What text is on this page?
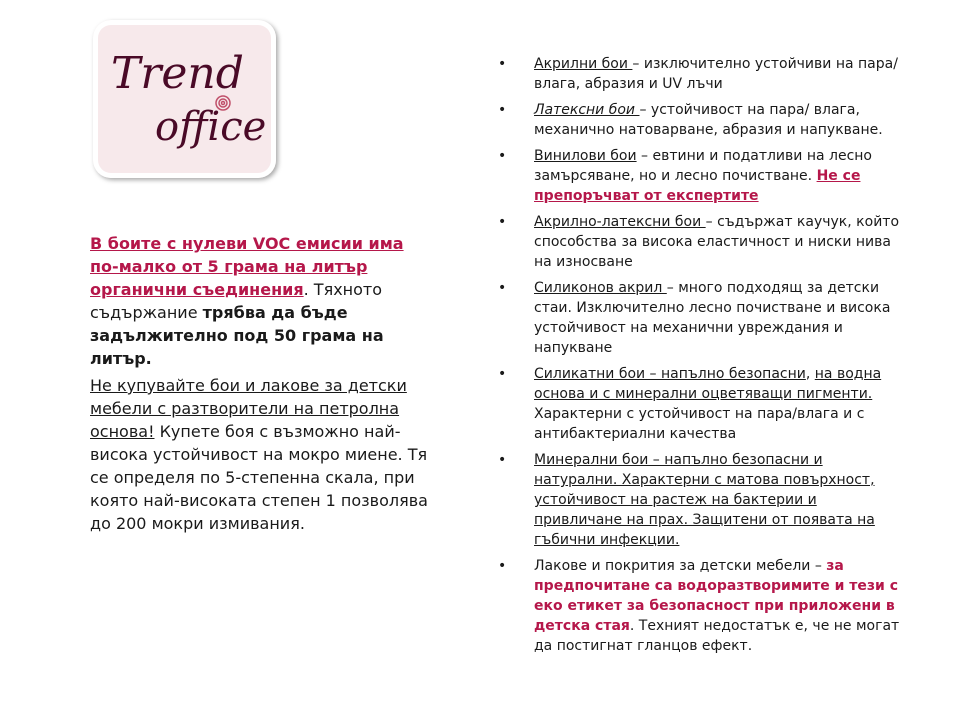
Trend
office

В боите с нулеви VOC емисии има по-малко от 5 грама на литър органични съединения. Тяхното съдържание трябва да бъде задължително под 50 грама на литър.

Не купувайте бои и лакове за детски мебели с разтворители на петролна основа! Купете боя с възможно най-висока устойчивост на мокро миене. Тя се определя по 5-степенна скала, при която най-високата степен 1 позволява до 200 мокри измивания.

• Акрилни бои – изключително устойчиви на пара/влага, абразия и UV лъчи
• Латексни бои – устойчивост на пара/ влага, механично натоварване, абразия и напукване.
• Винилови бои – евтини и податливи на лесно замърсяване, но и лесно почистване. Не се препоръчват от експертите
• Акрилно-латексни бои – съдържат каучук, който способства за висока еластичност и ниски нива на износване
• Силиконов акрил – много подходящ за детски стаи. Изключително лесно почистване и висока устойчивост на механични увреждания и напукване
• Силикатни бои – напълно безопасни, на водна основа и с минерални оцветяващи пигменти. Характерни с устойчивост на пара/влага и с антибактериални качества
• Минерални бои – напълно безопасни и натурални. Характерни с матова повърхност, устойчивост на растеж на бактерии и привличане на прах. Защитени от появата на гъбични инфекции.
• Лакове и покрития за детски мебели – за предпочитане са водоразтворимите и тези с еко етикет за безопасност при приложени в детска стая. Техният недостатък е, че не могат да постигнат гланцов ефект.
